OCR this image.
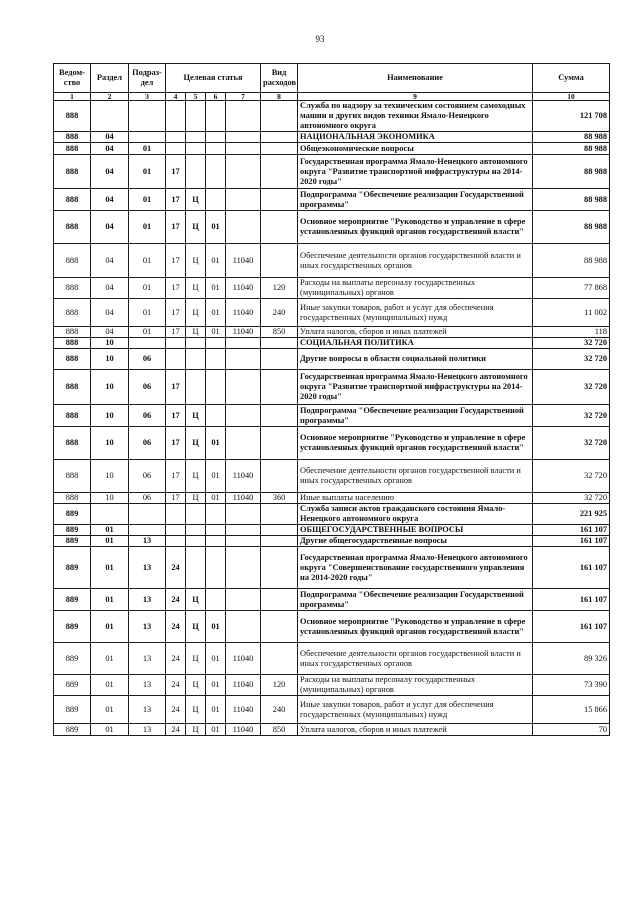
93
Ведом-ство	Раздел	Подраз-дел	Целевая статья				Вид расходов	Наименование	Сумма
1	2	3	4	5	6	7	8	9	10
888								Служба по надзору за техническим состоянием самоходных машин и других видов техники Ямало-Ненецкого автономного округа	121 708
888	04							НАЦИОНАЛЬНАЯ ЭКОНОМИКА	88 988
888	04	01						Общеэкономические вопросы	88 988
888	04	01	17					Государственная программа Ямало-Ненецкого автономного округа "Развитие транспортной инфраструктуры на 2014-2020 годы"	88 988
888	04	01	17	Ц				Подпрограмма "Обеспечение реализации Государственной программы"	88 988
888	04	01	17	Ц	01			Основное мероприятие "Руководство и управление в сфере установленных функций органов государственной власти"	88 988
888	04	01	17	Ц	01	11040		Обеспечение деятельности органов государственной власти и иных государственных органов	88 988
888	04	01	17	Ц	01	11040	120	Расходы на выплаты персоналу государственных (муниципальных) органов	77 868
888	04	01	17	Ц	01	11040	240	Иные закупки товаров, работ и услуг для обеспечения государственных (муниципальных) нужд	11 002
888	04	01	17	Ц	01	11040	850	Уплата налогов, сборов и иных платежей	118
888	10							СОЦИАЛЬНАЯ ПОЛИТИКА	32 720
888	10	06						Другие вопросы в области социальной политики	32 720
888	10	06	17					Государственная программа Ямало-Ненецкого автономного округа "Развитие транспортной инфраструктуры на 2014-2020 годы"	32 720
888	10	06	17	Ц				Подпрограмма "Обеспечение реализации Государственной программы"	32 720
888	10	06	17	Ц	01			Основное мероприятие "Руководство и управление в сфере установленных функций органов государственной власти"	32 720
888	10	06	17	Ц	01	11040		Обеспечение деятельности органов государственной власти и иных государственных органов	32 720
888	10	06	17	Ц	01	11040	360	Иные выплаты населению	32 720
889								Служба записи актов гражданского состояния Ямало-Ненецкого автономного округа	221 925
889	01							ОБЩЕГОСУДАРСТВЕННЫЕ ВОПРОСЫ	161 107
889	01	13						Другие общегосударственные вопросы	161 107
889	01	13	24					Государственная программа Ямало-Ненецкого автономного округа "Совершенствование государственного управления на 2014-2020 годы"	161 107
889	01	13	24	Ц				Подпрограмма "Обеспечение реализации Государственной программы"	161 107
889	01	13	24	Ц	01			Основное мероприятие "Руководство и управление в сфере установленных функций органов государственной власти"	161 107
889	01	13	24	Ц	01	11040		Обеспечение деятельности органов государственной власти и иных государственных органов	89 326
889	01	13	24	Ц	01	11040	120	Расходы на выплаты персоналу государственных (муниципальных) органов	73 390
889	01	13	24	Ц	01	11040	240	Иные закупки товаров, работ и услуг для обеспечения государственных (муниципальных) нужд	15 866
889	01	13	24	Ц	01	11040	850	Уплата налогов, сборов и иных платежей	70
